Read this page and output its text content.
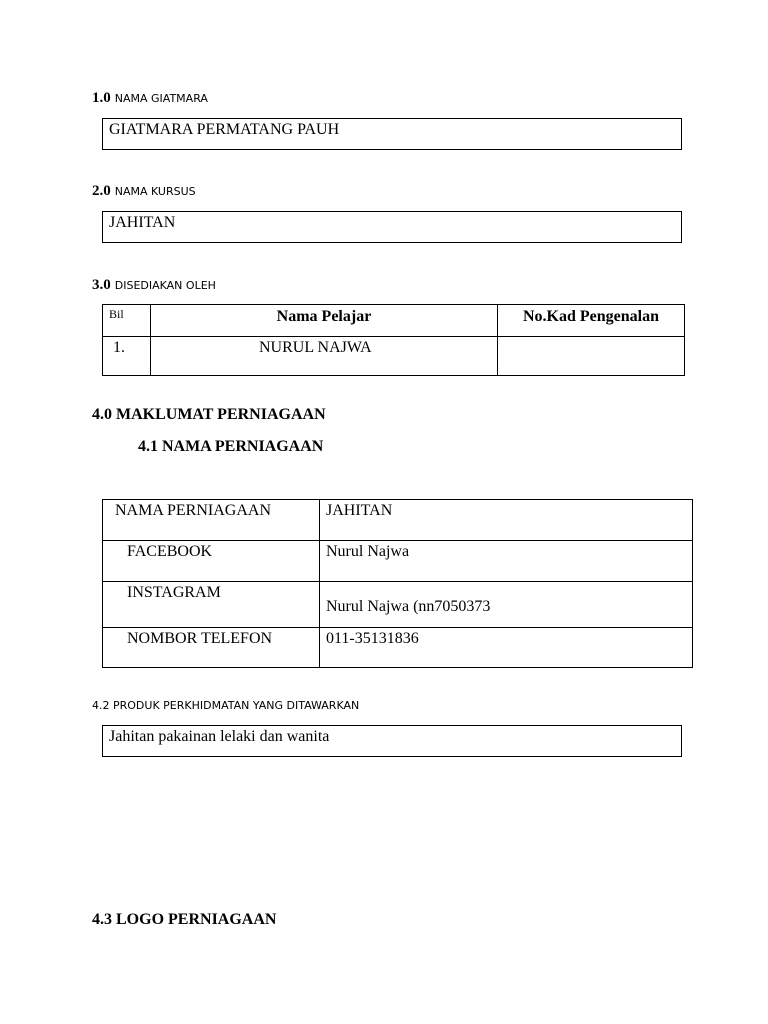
1.0 NAMA GIATMARA
GIATMARA PERMATANG PAUH
2.0 NAMA KURSUS
JAHITAN
3.0 DISEDIAKAN OLEH
Bil	Nama Pelajar	No.Kad Pengenalan
1.	NURUL NAJWA	
4.0 MAKLUMAT PERNIAGAAN
4.1 NAMA PERNIAGAAN
NAMA PERNIAGAAN	JAHITAN
FACEBOOK	Nurul Najwa
INSTAGRAM	Nurul Najwa (nn7050373
NOMBOR TELEFON	011-35131836
4.2 PRODUK PERKHIDMATAN YANG DITAWARKAN
Jahitan pakainan lelaki dan wanita
4.3 LOGO PERNIAGAAN
